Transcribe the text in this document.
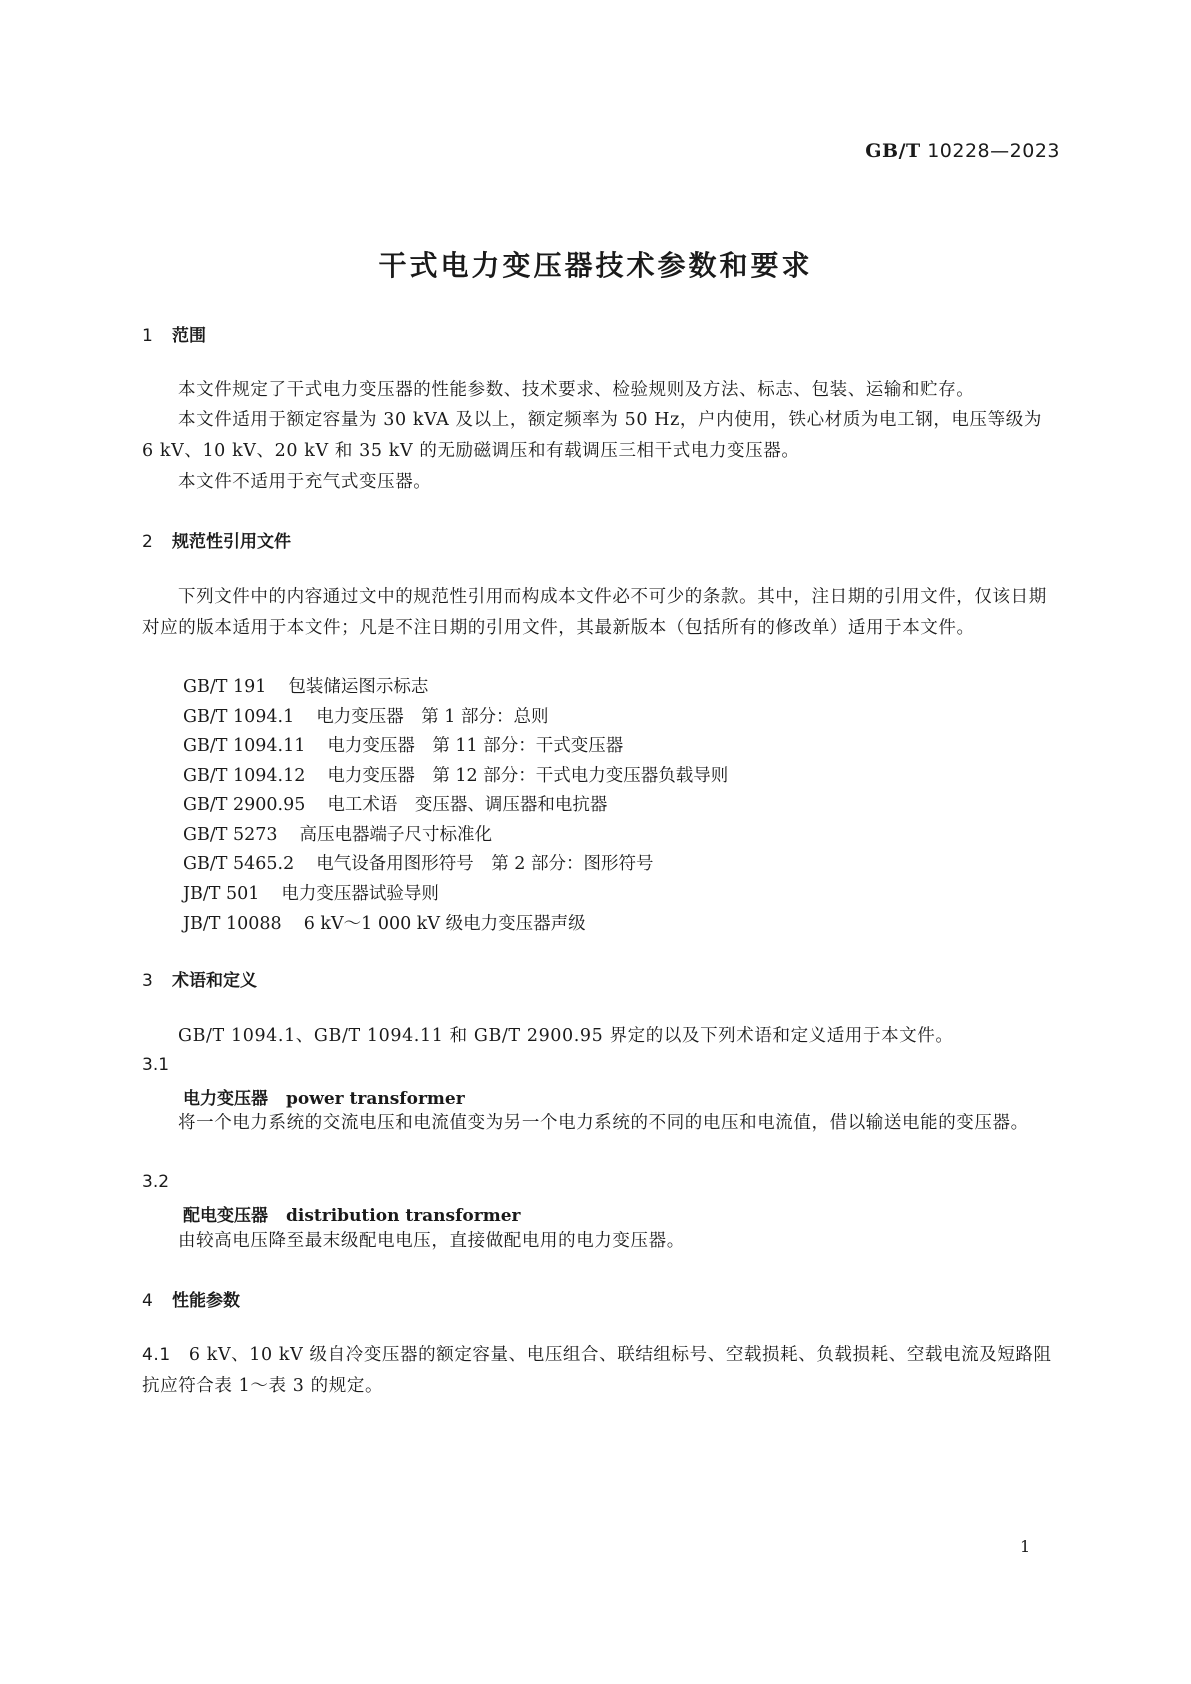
GB/T 10228—2023
干式电力变压器技术参数和要求
1 范围
本文件规定了干式电力变压器的性能参数、技术要求、检验规则及方法、标志、包装、运输和贮存。
本文件适用于额定容量为 30 kVA 及以上，额定频率为 50 Hz，户内使用，铁心材质为电工钢，电压等级为 6 kV、10 kV、20 kV 和 35 kV 的无励磁调压和有载调压三相干式电力变压器。
本文件不适用于充气式变压器。
2 规范性引用文件
下列文件中的内容通过文中的规范性引用而构成本文件必不可少的条款。其中，注日期的引用文件，仅该日期对应的版本适用于本文件；凡是不注日期的引用文件，其最新版本（包括所有的修改单）适用于本文件。
GB/T 191 包装储运图示标志
GB/T 1094.1 电力变压器　第 1 部分：总则
GB/T 1094.11 电力变压器　第 11 部分：干式变压器
GB/T 1094.12 电力变压器　第 12 部分：干式电力变压器负载导则
GB/T 2900.95 电工术语　变压器、调压器和电抗器
GB/T 5273 高压电器端子尺寸标准化
GB/T 5465.2 电气设备用图形符号　第 2 部分：图形符号
JB/T 501 电力变压器试验导则
JB/T 10088 6 kV～1 000 kV 级电力变压器声级
3 术语和定义
GB/T 1094.1、GB/T 1094.11 和 GB/T 2900.95 界定的以及下列术语和定义适用于本文件。
3.1
电力变压器 power transformer
将一个电力系统的交流电压和电流值变为另一个电力系统的不同的电压和电流值，借以输送电能的变压器。
3.2
配电变压器 distribution transformer
由较高电压降至最末级配电电压，直接做配电用的电力变压器。
4 性能参数
4.1 6 kV、10 kV 级自冷变压器的额定容量、电压组合、联结组标号、空载损耗、负载损耗、空载电流及短路阻抗应符合表 1～表 3 的规定。
1
